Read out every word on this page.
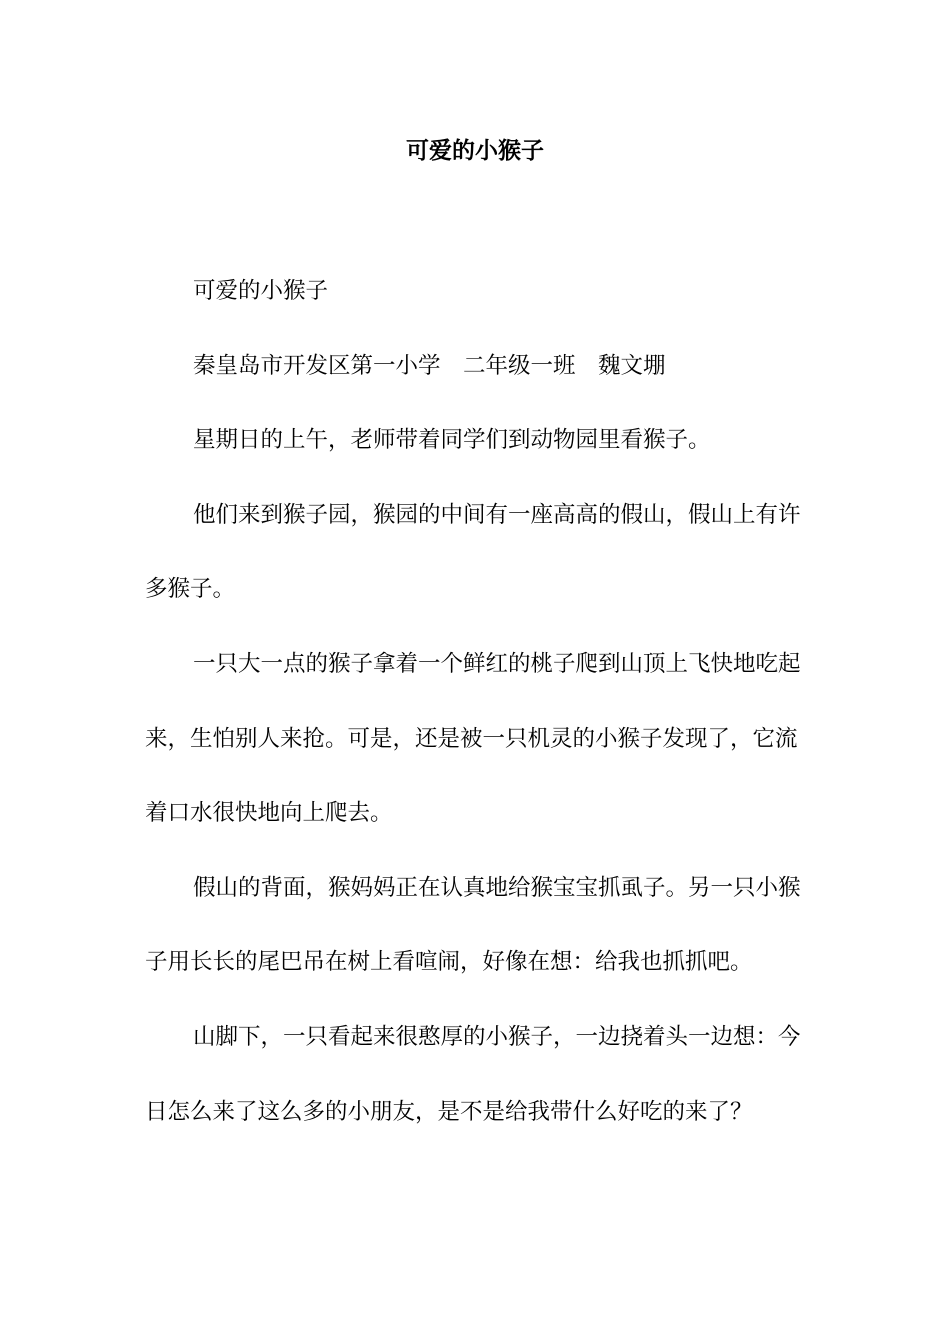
可爱的小猴子

可爱的小猴子

秦皇岛市开发区第一小学　二年级一班　魏文堋

星期日的上午，老师带着同学们到动物园里看猴子。

他们来到猴子园，猴园的中间有一座高高的假山，假山上有许多猴子。

一只大一点的猴子拿着一个鲜红的桃子爬到山顶上飞快地吃起来，生怕别人来抢。可是，还是被一只机灵的小猴子发现了，它流着口水很快地向上爬去。

假山的背面，猴妈妈正在认真地给猴宝宝抓虱子。另一只小猴子用长长的尾巴吊在树上看喧闹，好像在想：给我也抓抓吧。

山脚下，一只看起来很憨厚的小猴子，一边挠着头一边想：今日怎么来了这么多的小朋友，是不是给我带什么好吃的来了？
